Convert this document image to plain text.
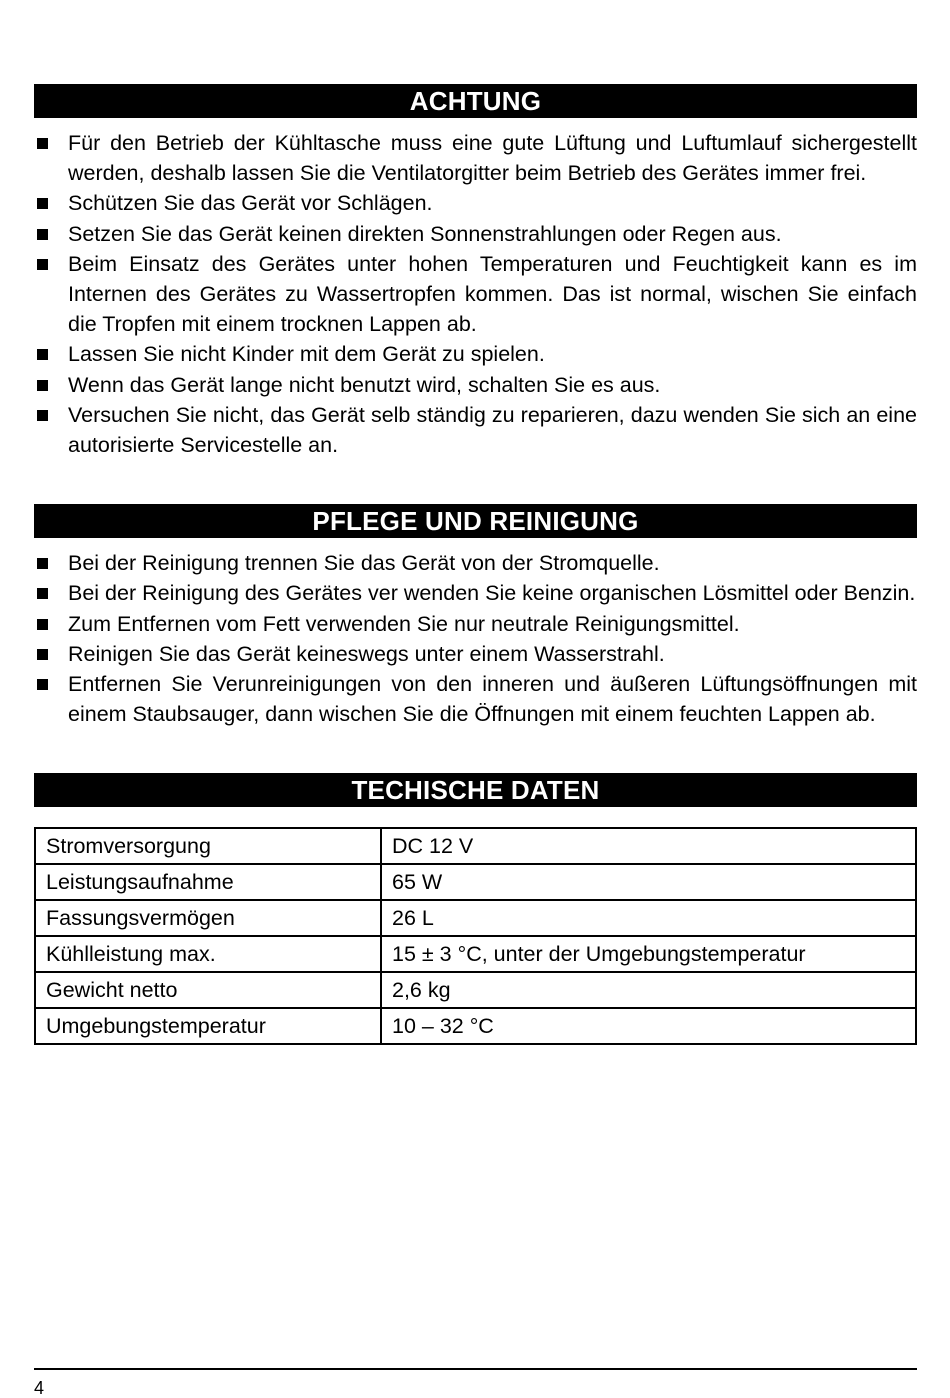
ACHTUNG
Für den Betrieb der Kühltasche muss eine gute Lüftung und Luftumlauf sichergestellt werden, deshalb lassen Sie die Ventilatorgitter beim Betrieb des Gerätes immer frei.
Schützen Sie das Gerät vor Schlägen.
Setzen Sie das Gerät keinen direkten Sonnenstrahlungen oder Regen aus.
Beim Einsatz des Gerätes unter hohen Temperaturen und Feuchtigkeit kann es im Internen des Gerätes zu Wassertropfen kommen. Das ist normal, wischen Sie einfach die Tropfen mit einem trocknen Lappen ab.
Lassen Sie nicht Kinder mit dem Gerät zu spielen.
Wenn das Gerät lange nicht benutzt wird, schalten Sie es aus.
Versuchen Sie nicht, das Gerät selb ständig zu reparieren, dazu wenden Sie sich an eine autorisierte Servicestelle an.
PFLEGE UND REINIGUNG
Bei der Reinigung trennen Sie das Gerät von der Stromquelle.
Bei der Reinigung des Gerätes ver wenden Sie keine organischen Lösmittel oder Benzin.
Zum Entfernen vom Fett verwenden Sie nur neutrale Reinigungsmittel.
Reinigen Sie das Gerät keineswegs unter einem Wasserstrahl.
Entfernen Sie Verunreinigungen von den inneren und äußeren Lüftungsöffnungen mit einem Staubsauger, dann wischen Sie die Öffnungen mit einem feuchten Lappen ab.
TECHISCHE DATEN
Stromversorgung	DC 12 V
Leistungsaufnahme	65 W
Fassungsvermögen	26 L
Kühlleistung max.	15 ± 3 °C, unter der Umgebungstemperatur
Gewicht netto	2,6 kg
Umgebungstemperatur	10 – 32 °C
4
